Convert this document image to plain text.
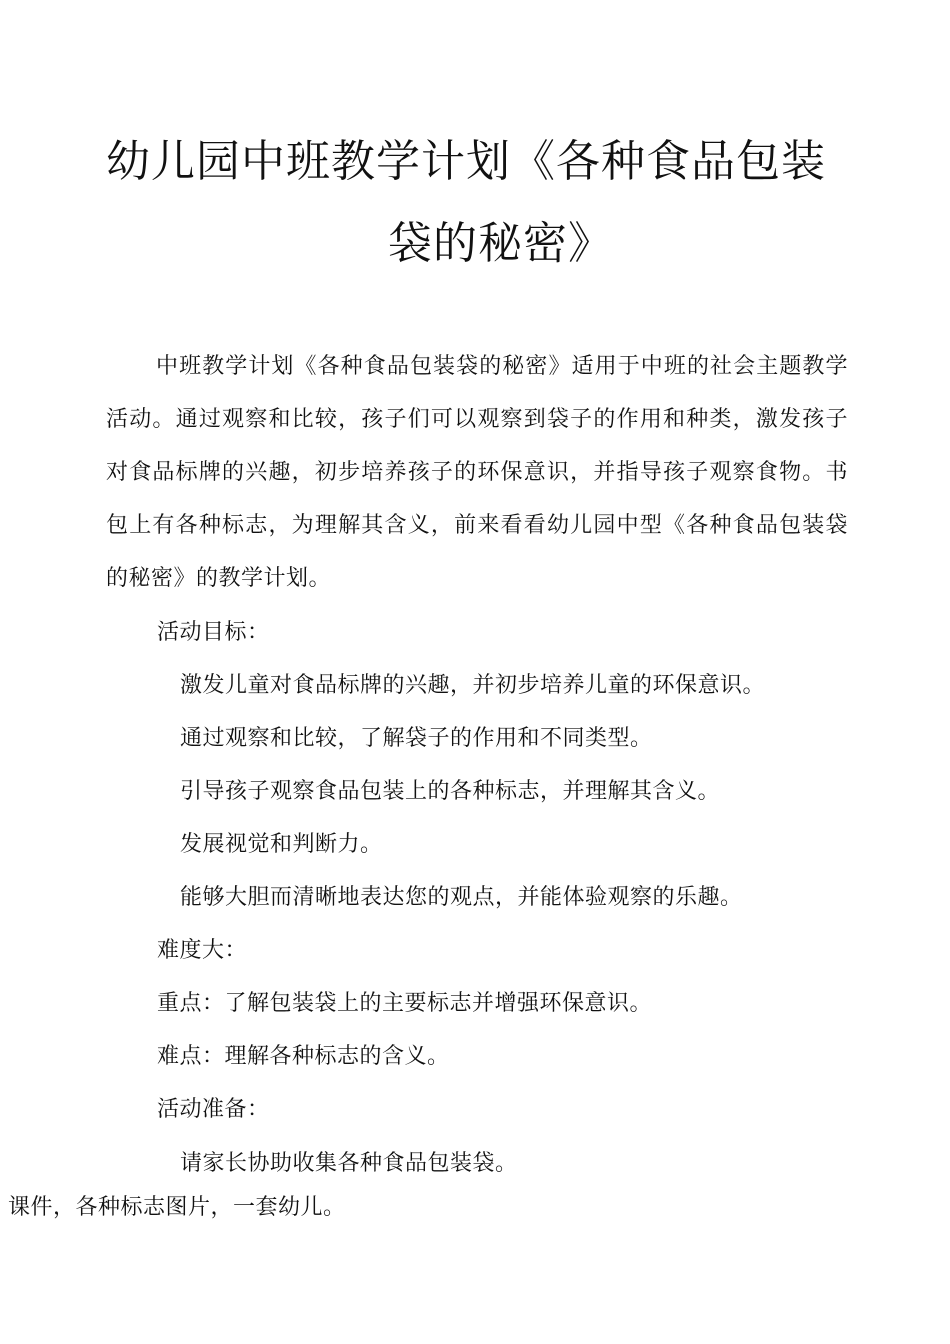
幼儿园中班教学计划《各种食品包装
袋的秘密》
中班教学计划《各种食品包装袋的秘密》适用于中班的社会主题教学活动。通过观察和比较，孩子们可以观察到袋子的作用和种类，激发孩子对食品标牌的兴趣，初步培养孩子的环保意识，并指导孩子观察食物。书包上有各种标志，为理解其含义，前来看看幼儿园中型《各种食品包装袋的秘密》的教学计划。
活动目标：
激发儿童对食品标牌的兴趣，并初步培养儿童的环保意识。
通过观察和比较，了解袋子的作用和不同类型。
引导孩子观察食品包装上的各种标志，并理解其含义。
发展视觉和判断力。
能够大胆而清晰地表达您的观点，并能体验观察的乐趣。
难度大：
重点：了解包装袋上的主要标志并增强环保意识。
难点：理解各种标志的含义。
活动准备：
请家长协助收集各种食品包装袋。
课件，各种标志图片，一套幼儿。
